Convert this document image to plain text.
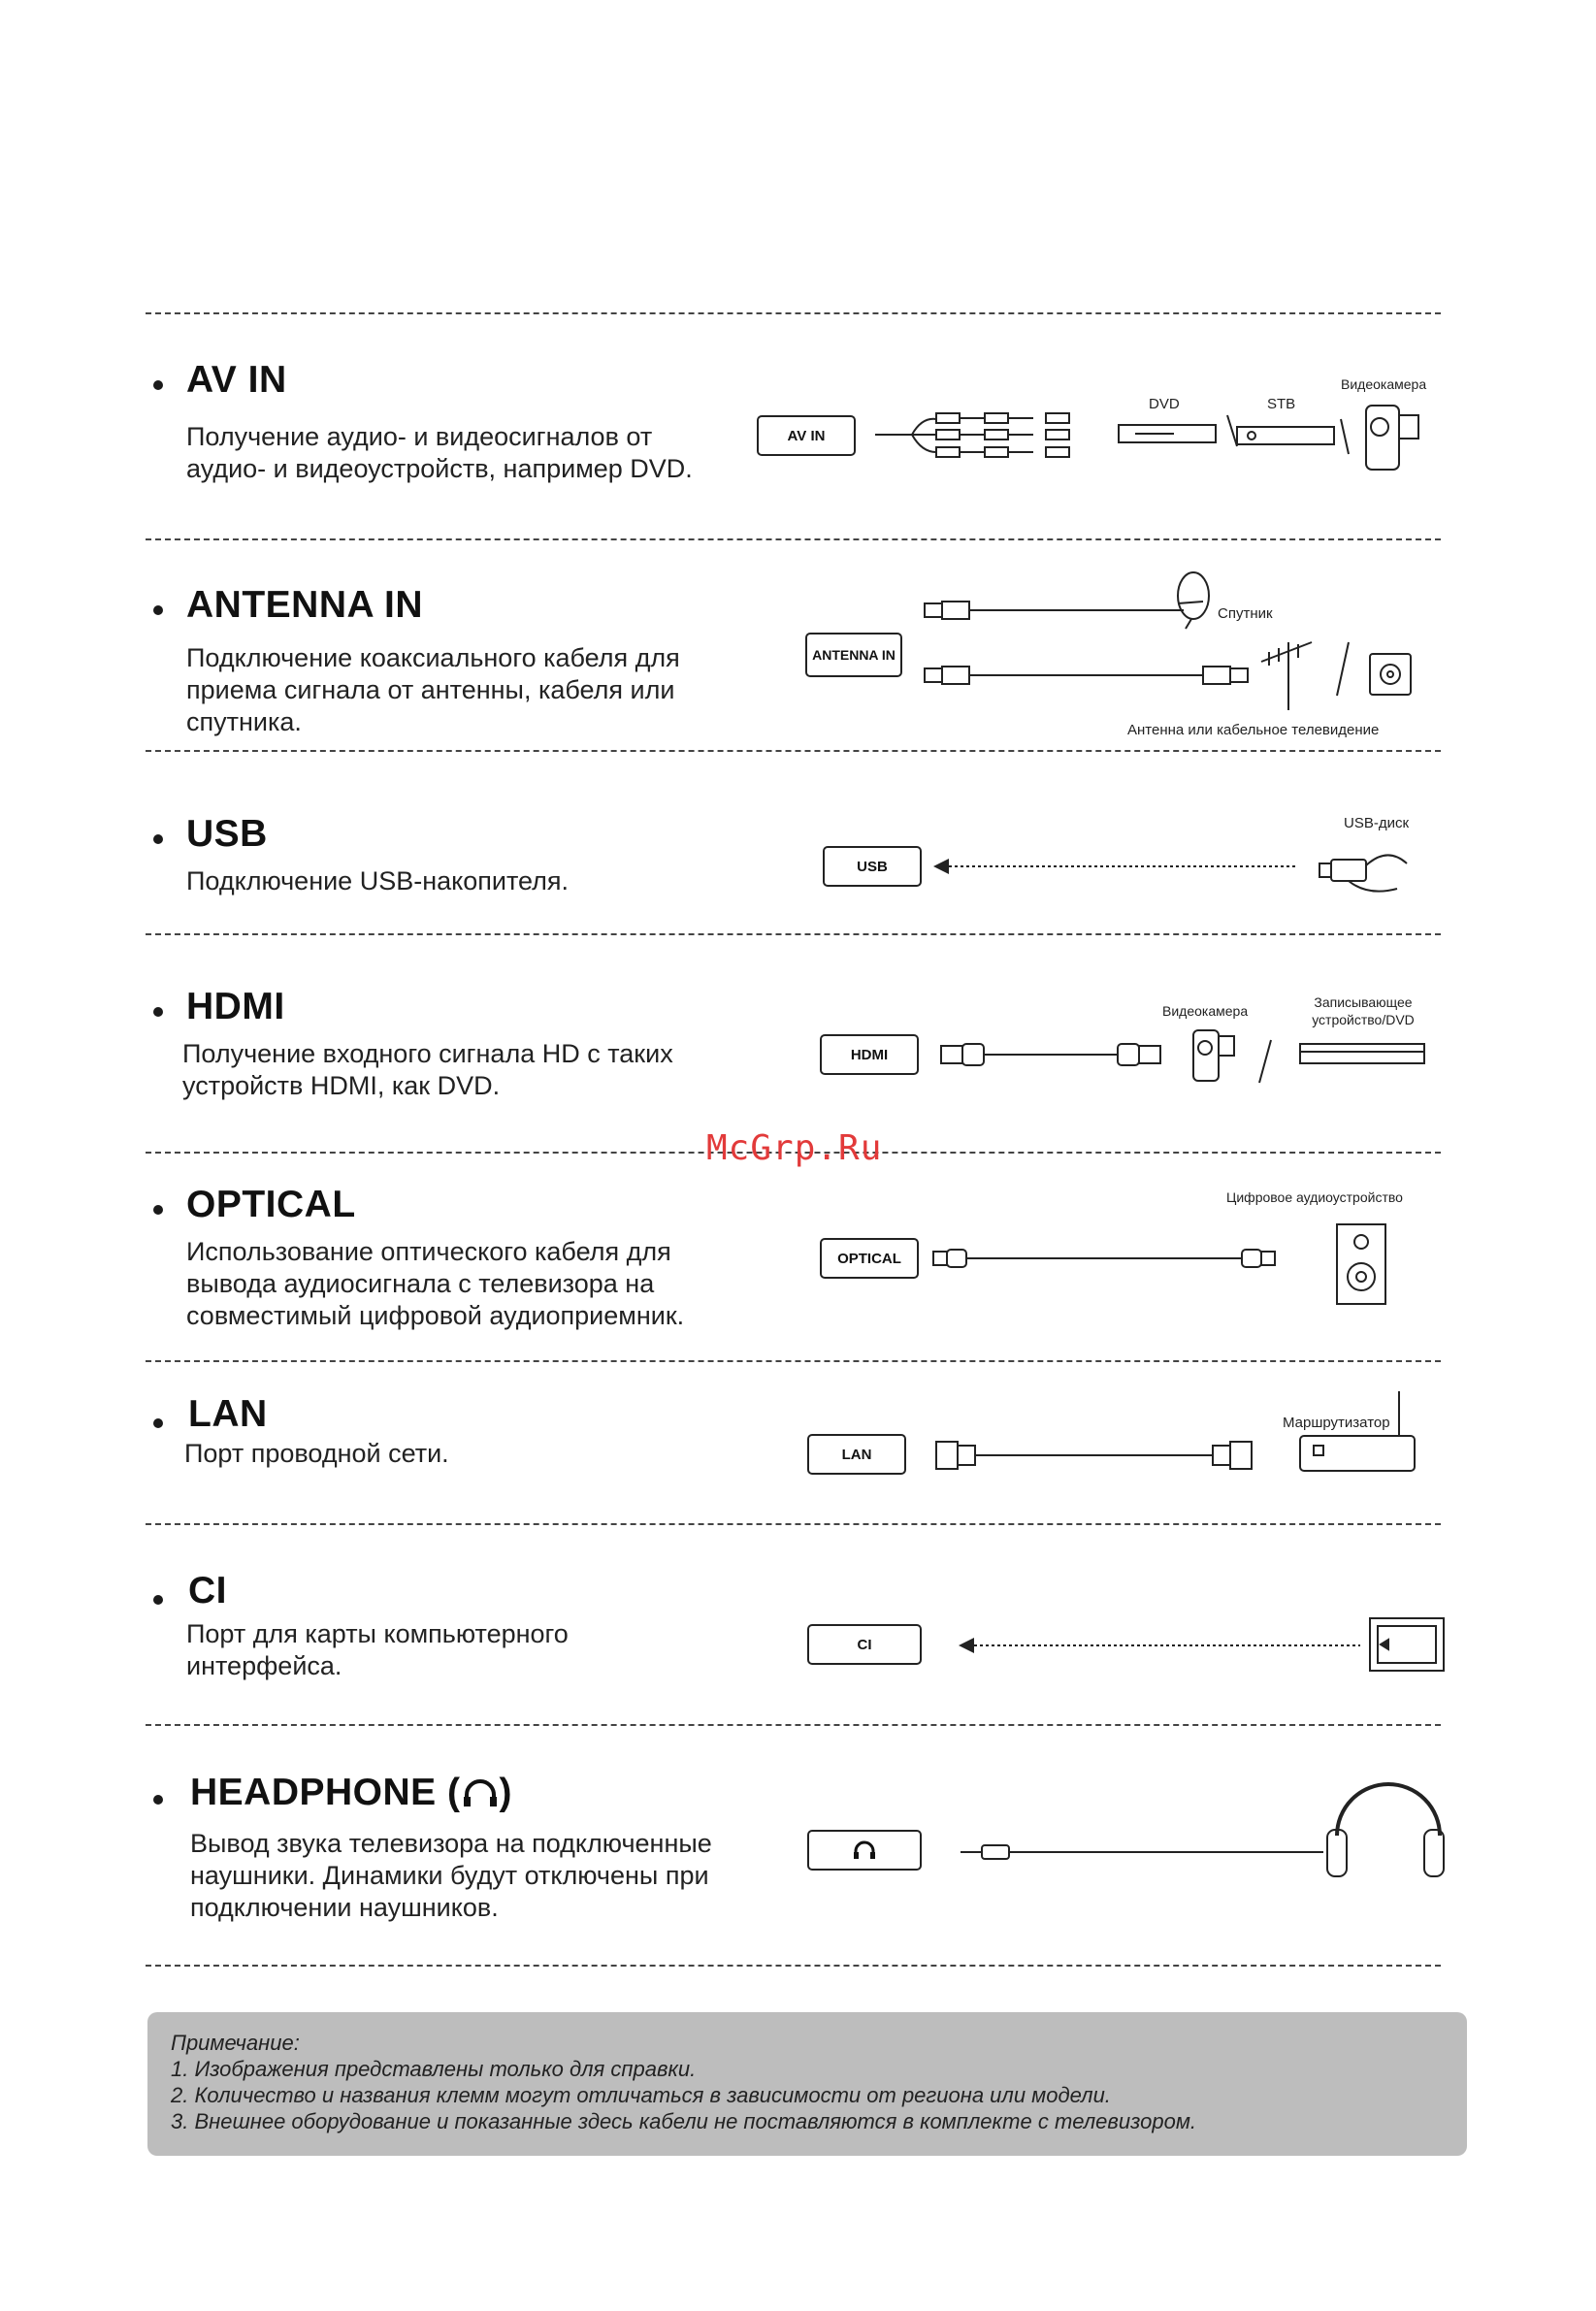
AV IN
Получение аудио- и видеосигналов от
аудио- и видеоустройств, например DVD.
AV IN
DVD	STB
Видеокамера
ANTENNA IN
Подключение коаксиального кабеля для
приема сигнала от антенны, кабеля или
спутника.
ANTENNA IN
Спутник
Антенна или кабельное телевидение
USB
Подключение USB-накопителя.	USB
USB-диск
HDMI
Получение входного сигнала HD с таких
устройств HDMI, как DVD.
HDMI
Видеокамера
Записывающее
устройство/DVD
OPTICAL
Использование оптического кабеля для
вывода аудиосигнала с телевизора на
совместимый цифровой аудиоприемник.
OPTICAL
Цифровое аудиоустройство
LAN
Порт проводной сети.	LAN
Маршрутизатор
CI
Порт для карты компьютерного
интерфейса.
CI
HEADPHONE ( )
Вывод звука телевизора на подключенные
наушники. Динамики будут отключены при
подключении наушников.
McGrp.Ru
Примечание:
1. Изображения представлены только для справки.
2. Количество и названия клемм могут отличаться в зависимости от региона или модели.
3. Внешнее оборудование и показанные здесь кабели не поставляются в комплекте с телевизором.
